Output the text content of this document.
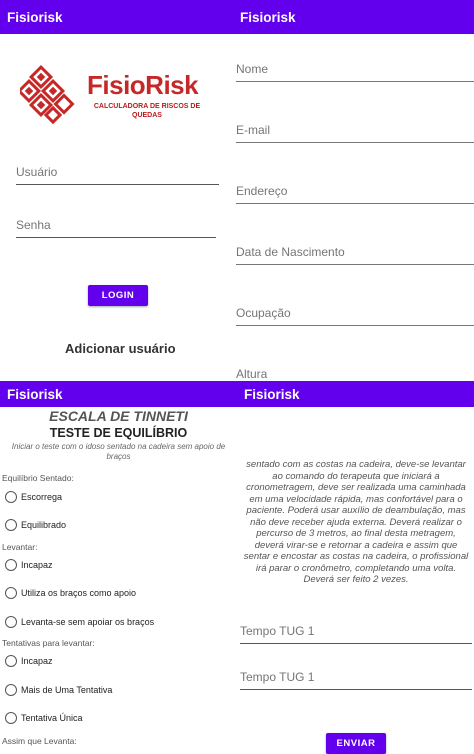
Fisiorisk
FisioRisk
CALCULADORA DE RISCOS DE QUEDAS
Usuário
Senha
LOGIN
Adicionar usuário
Fisiorisk
Nome
E-mail
Endereço
Data de Nascimento
Ocupação
Altura
Fisiorisk
ESCALA DE TINNETI
TESTE DE EQUILÍBRIO
Iniciar o teste com o idoso sentado na cadeira sem apoio de braços
Equilíbrio Sentado:
Escorrega
Equilibrado
Levantar:
Incapaz
Utiliza os braços como apoio
Levanta-se sem apoiar os braços
Tentativas para levantar:
Incapaz
Mais de Uma Tentativa
Tentativa Única
Assim que Levanta:
Fisiorisk
sentado com as costas na cadeira, deve-se levantar ao comando do terapeuta que iniciará a cronometragem, deve ser realizada uma caminhada em uma velocidade rápida, mas confortável para o paciente. Poderá usar auxílio de deambulação, mas não deve receber ajuda externa. Deverá realizar o percurso de 3 metros, ao final desta metragem, deverá virar-se e retornar a cadeira e assim que sentar e encostar as costas na cadeira, o profissional irá parar o cronômetro, completando uma volta. Deverá ser feito 2 vezes.
Tempo TUG 1
Tempo TUG 1
ENVIAR
